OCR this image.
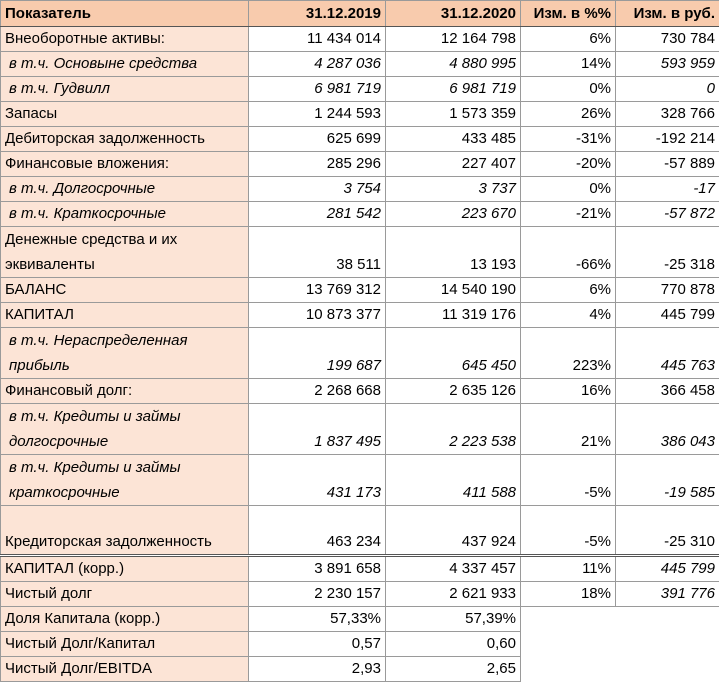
Показатель	31.12.2019	31.12.2020	Изм. в %%	Изм. в руб.
Внеоборотные активы:	11 434 014	12 164 798	6%	730 784
в т.ч. Основыне средства	4 287 036	4 880 995	14%	593 959
в т.ч. Гудвилл	6 981 719	6 981 719	0%	0
Запасы	1 244 593	1 573 359	26%	328 766
Дебиторская задолженность	625 699	433 485	-31%	-192 214
Финансовые вложения:	285 296	227 407	-20%	-57 889
в т.ч. Долгосрочные	3 754	3 737	0%	-17
в т.ч. Краткосрочные	281 542	223 670	-21%	-57 872
Денежные средства и их эквиваленты	38 511	13 193	-66%	-25 318
БАЛАНС	13 769 312	14 540 190	6%	770 878
КАПИТАЛ	10 873 377	11 319 176	4%	445 799
в т.ч. Нераспределенная прибыль	199 687	645 450	223%	445 763
Финансовый долг:	2 268 668	2 635 126	16%	366 458
в т.ч. Кредиты и займы долгосрочные	1 837 495	2 223 538	21%	386 043
в т.ч. Кредиты и займы краткосрочные	431 173	411 588	-5%	-19 585
Кредиторская задолженность	463 234	437 924	-5%	-25 310
КАПИТАЛ (корр.)	3 891 658	4 337 457	11%	445 799
Чистый долг	2 230 157	2 621 933	18%	391 776
Доля Капитала (корр.)	57,33%	57,39%		
Чистый Долг/Капитал	0,57	0,60		
Чистый Долг/EBITDA	2,93	2,65		
